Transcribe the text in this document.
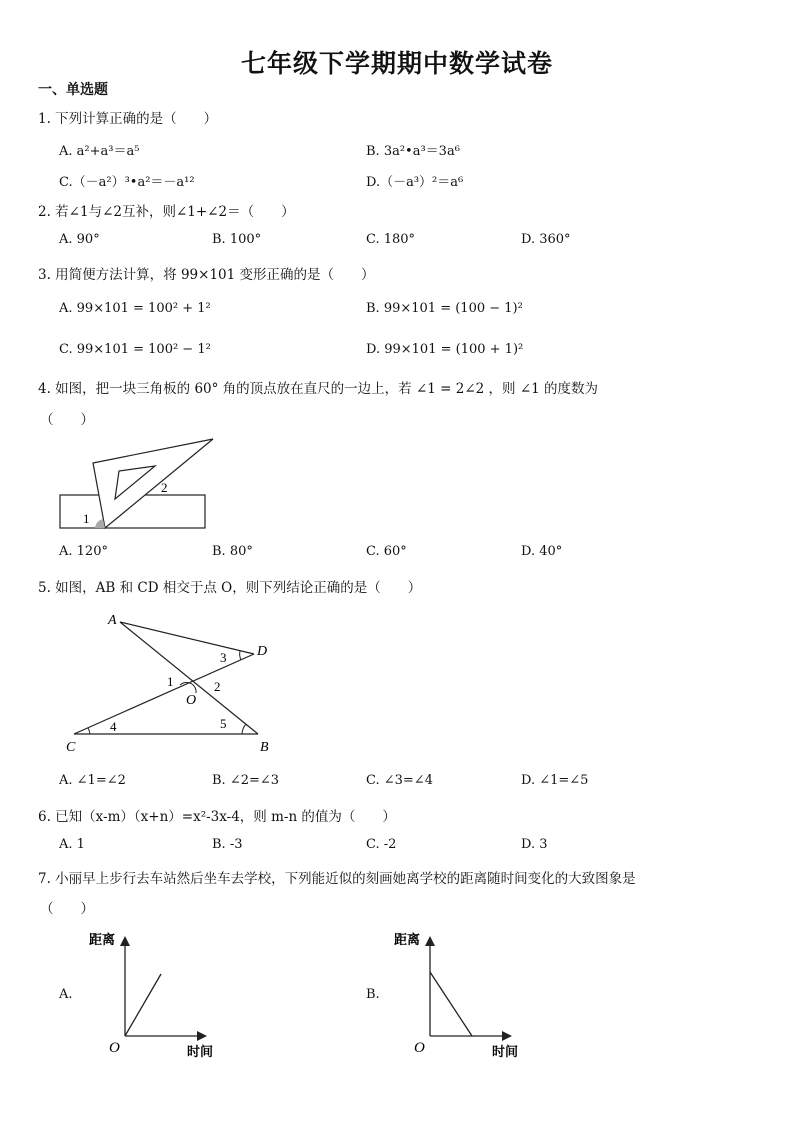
七年级下学期期中数学试卷
一、单选题
1. 下列计算正确的是（　　）
A. a²+a³＝a⁵	B. 3a²•a³＝3a⁶
C.（－a²）³•a²＝－a¹²	D.（－a³）²＝a⁶
2. 若∠1与∠2互补，则∠1+∠2＝（　　）
A. 90°	B. 100°	C. 180°	D. 360°
3. 用简便方法计算，将 99×101 变形正确的是（　　）
A. 99×101 = 100² + 1²	B. 99×101 = (100 − 1)²
C. 99×101 = 100² − 1²	D. 99×101 = (100 + 1)²
4. 如图，把一块三角板的 60° 角的顶点放在直尺的一边上，若 ∠1 = 2∠2 ，则 ∠1 的度数为
（　　）
1
2
A. 120°	B. 80°	C. 60°	D. 40°
5. 如图，AB 和 CD 相交于点 O，则下列结论正确的是（　　）
A
D
C	B
O
1	2
3
4	5
A. ∠1=∠2	B. ∠2=∠3	C. ∠3=∠4	D. ∠1=∠5
6. 已知（x-m）（x+n）=x²-3x-4，则 m-n 的值为（　　）
A. 1	B. -3	C. -2	D. 3
7. 小丽早上步行去车站然后坐车去学校，下列能近似的刻画她离学校的距离随时间变化的大致图象是
（　　）
A.
距离
时间
O
B.
距离
时间
O
